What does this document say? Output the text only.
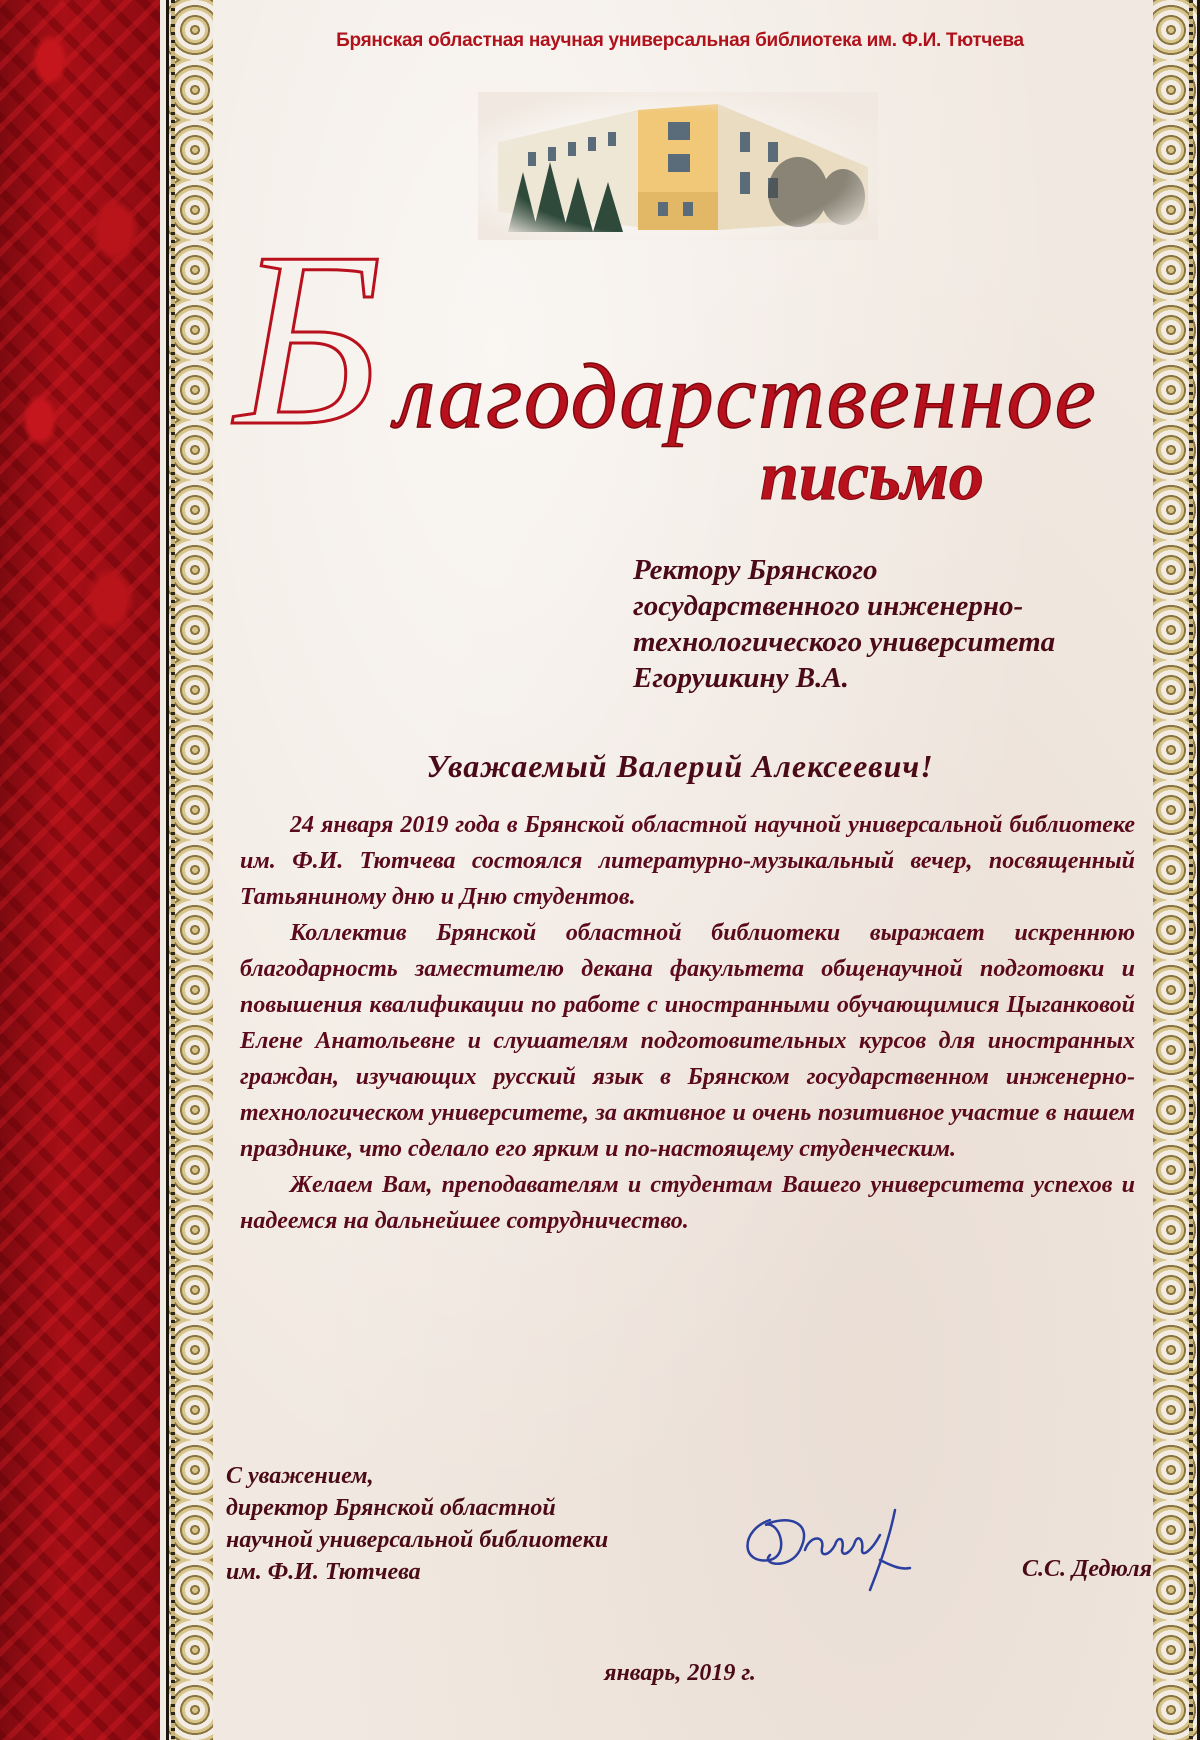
Брянская областная научная универсальная библиотека им. Ф.И. Тютчева
Б лагодарственное
письмо
Ректору Брянского
государственного инженерно-
технологического университета
Егорушкину В.А.
Уважаемый Валерий Алексеевич!

24 января 2019 года в Брянской областной научной универсальной библиотеке им. Ф.И. Тютчева состоялся литературно-музыкальный вечер, посвященный Татьяниному дню и Дню студентов.

Коллектив Брянской областной библиотеки выражает искреннюю благодарность заместителю декана факультета общенаучной подготовки и повышения квалификации по работе с иностранными обучающимися Цыганковой Елене Анатольевне и слушателям подготовительных курсов для иностранных граждан, изучающих русский язык в Брянском государственном инженерно-технологическом университете, за активное и очень позитивное участие в нашем празднике, что сделало его ярким и по-настоящему студенческим.

Желаем Вам, преподавателям и студентам Вашего университета успехов и надеемся на дальнейшее сотрудничество.

С уважением,
директор Брянской областной
научной универсальной библиотеки
им. Ф.И. Тютчева	С.С. Дедюля
январь, 2019 г.
